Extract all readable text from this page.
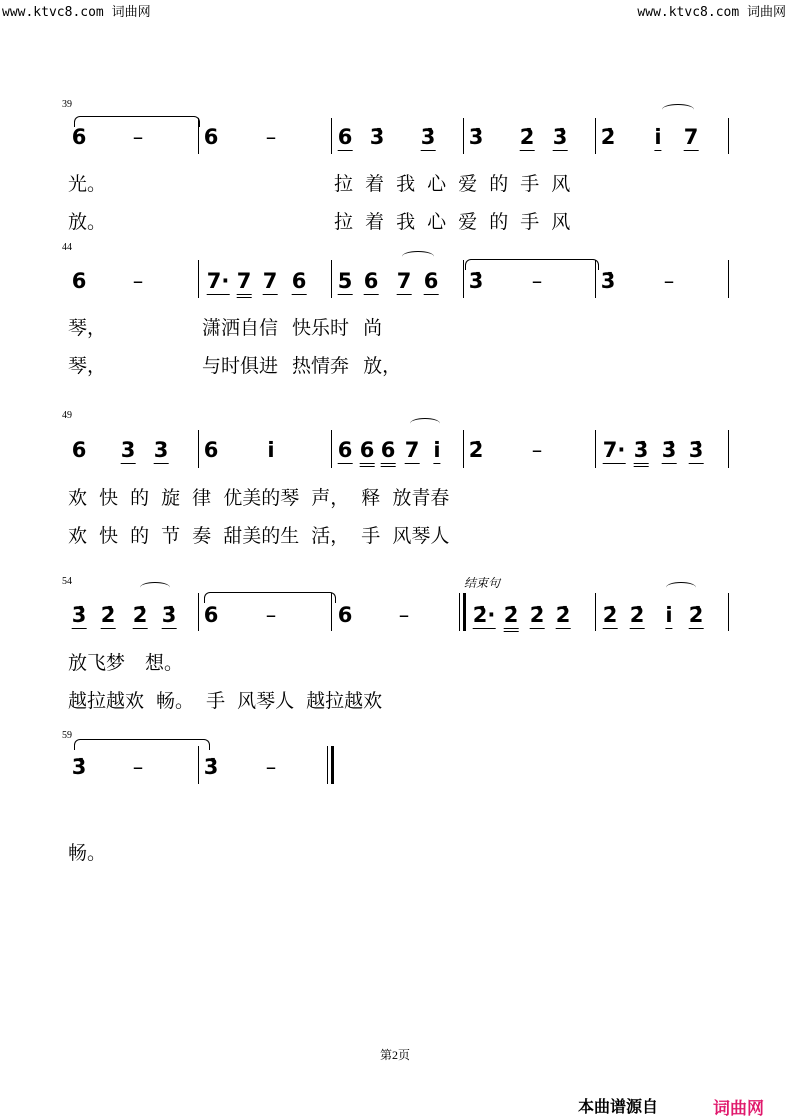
www.ktvc8.com 词曲网	www.ktvc8.com 词曲网
39
6 –	6 –	6 3̇ 3̇ 3̇ 2̇ 3̇ 2̇ i̇ 7
光。	拉 着 我 心 爱 的 手 风
放。	拉 着 我 心 爱 的 手 风
44
6 –	7· 7 7 6 5 6 7 6 3̇ –	3̇ –
琴，	潇洒自信 快乐时 尚
琴，	与时俱进 热情奔 放，
49
6 3 3 6 i̇	6 6 6 7 i̇ 2̇ –	7· 3̇ 3̇ 3̇
欢 快 的 旋 律 优美的琴 声， 释 放青春
欢 快 的 节 奏 甜美的生 活， 手 风琴人
54	结束句
3̇ 2̇ 2̇ 3̇ 6 –	6 –	2̇· 2̇ 2̇ 2̇ 2̇ 2̇ i̇ 2̇
放飞梦 想。
越拉越欢 畅。 手 风琴人 越拉越欢
59
3̇ –	3̇ –
畅。
第2页
本曲谱源自	词曲网
